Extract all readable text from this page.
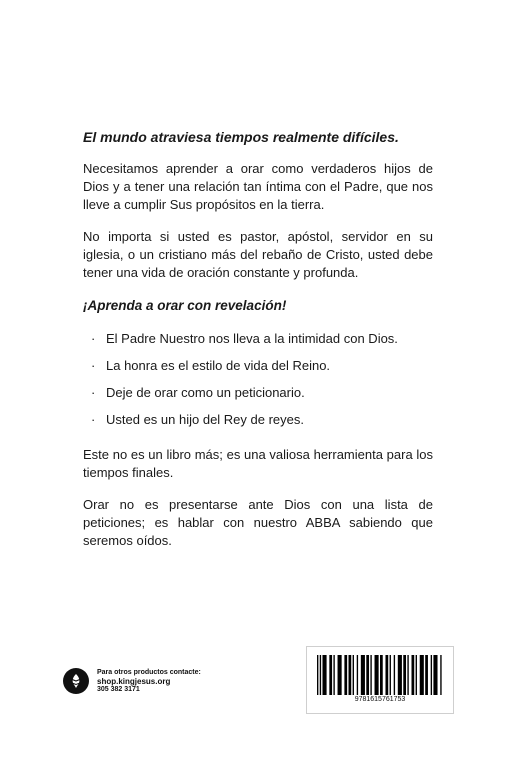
El mundo atraviesa tiempos realmente difíciles.

Necesitamos aprender a orar como verdaderos hijos de Dios y a tener una relación tan íntima con el Padre, que nos lleve a cumplir Sus propósitos en la tierra.

No importa si usted es pastor, apóstol, servidor en su iglesia, o un cristiano más del rebaño de Cristo, usted debe tener una vida de oración constante y profunda.

¡Aprenda a orar con revelación!

· El Padre Nuestro nos lleva a la intimidad con Dios.
· La honra es el estilo de vida del Reino.
· Deje de orar como un peticionario.
· Usted es un hijo del Rey de reyes.

Este no es un libro más; es una valiosa herramienta para los tiempos finales.

Orar no es presentarse ante Dios con una lista de peticiones; es hablar con nuestro ABBA sabiendo que seremos oídos.

Para otros productos contacte:
shop.kingjesus.org
305 382 3171
9781615761753
